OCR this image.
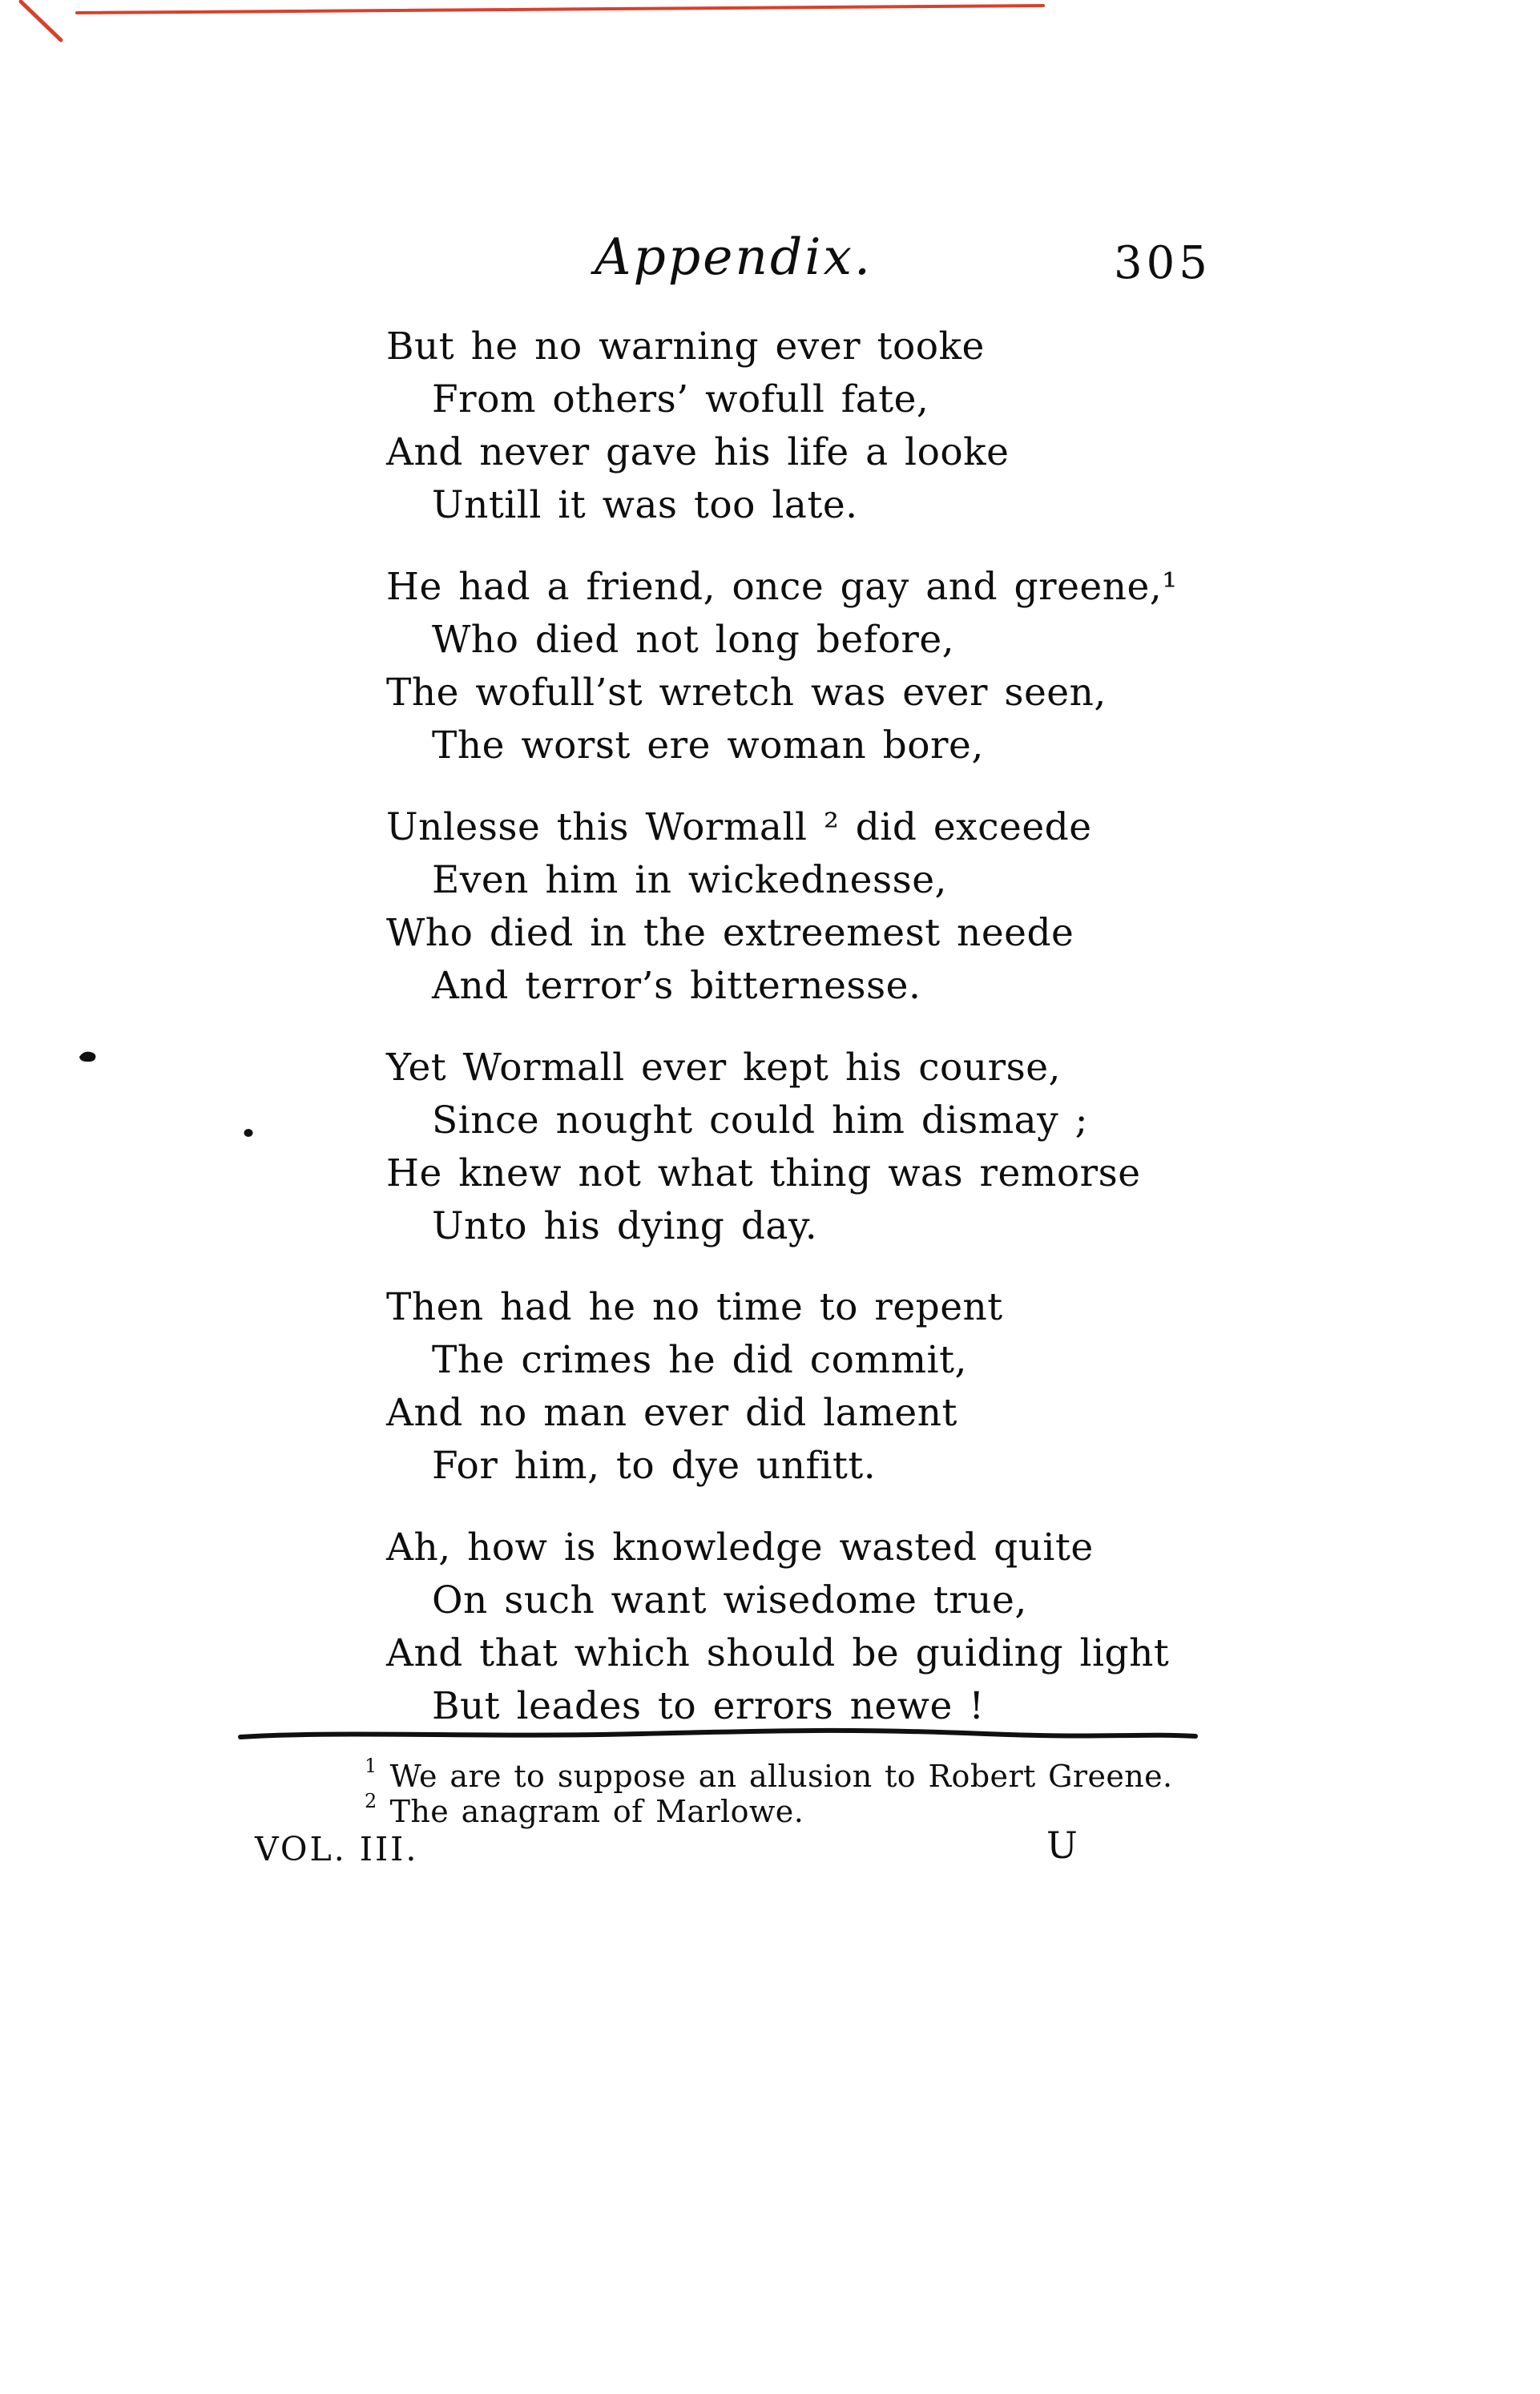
Appendix.	305
But he no warning ever tooke
From others’ wofull fate,
And never gave his life a looke
Untill it was too late.
He had a friend, once gay and greene,¹
Who died not long before,
The wofull’st wretch was ever seen,
The worst ere woman bore,
Unlesse this Wormall ² did exceede
Even him in wickednesse,
Who died in the extreemest neede
And terror’s bitternesse.
Yet Wormall ever kept his course,
Since nought could him dismay ;
He knew not what thing was remorse
Unto his dying day.
Then had he no time to repent
The crimes he did commit,
And no man ever did lament
For him, to dye unfitt.
Ah, how is knowledge wasted quite
On such want wisedome true,
And that which should be guiding light
But leades to errors newe !
$^1$ We are to suppose an allusion to Robert Greene.
$^2$ The anagram of Marlowe.
VOL. III.	U
